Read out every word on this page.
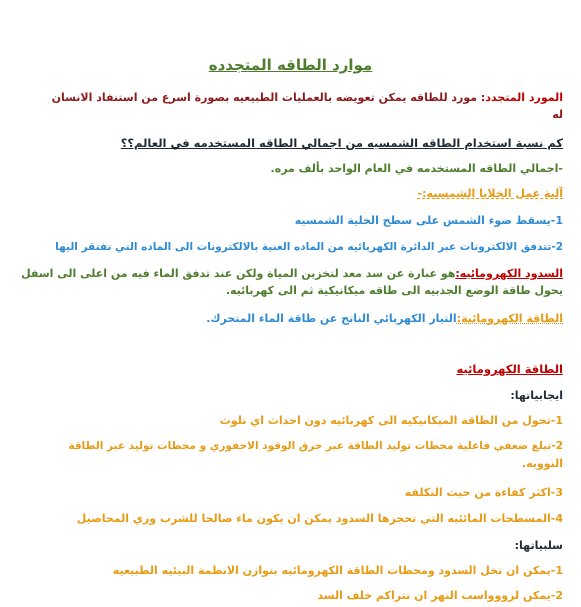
موارد الطاقه المتجدده
المورد المتجدد: مورد للطاقه يمكن تعويضه بالعمليات الطبيعيه بصورة اسرع من استنفاد الانسان
له
كم نسبة استخدام الطاقه الشمسيه من اجمالي الطاقه المستخدمه في العالم؟؟
-اجمالي الطاقه المستخدمه في العام الواحد بألف مره.
آلية عمل الخلايا الشمسيه:-
1-يسقط ضوء الشمس على سطح الخلية الشمسيه
2-تتدفق الالكترونات عبر الدائرة الكهربائيه من الماده الغنية بالالكترونات الى الماده التي تفتقر اليها
السدود الكهرومائيه:هو عبارة عن سد معد لتخزين المياة ولكن عند تدفق الماء فيه من اعلى الى اسفل
يحول طاقة الوضع الجذبيه الى طاقه ميكانيكية ثم الى كهربائيه.
الطاقة الكهرومائية:التيار الكهربائي الناتج عن طاقة الماء المتحرك.
الطاقة الكهرومائيه
ايجابياتها:
1-تحول من الطاقة الميكانيكيه الى كهربائيه دون احداث اي تلوث
2-تبلغ ضعفي فاعلية محطات توليد الطاقة عبر حرق الوقود الاحفوري و محطات توليد عبر الطاقة
النوويه.
3-اكثر كفاءة من حيث التكلفه
4-المسطحات المائئيه التي تحجزها السدود يمكن ان يكون ماء صالحا للشرب وري المحاصيل
سلبياتها:
1-يمكن ان تخل السدود ومحطات الطاقة الكهرومائيه بتوازن الانظمة البيئيه الطبيعيه
2-يمكن لرووواسب النهر ان تتراكم خلف السد
